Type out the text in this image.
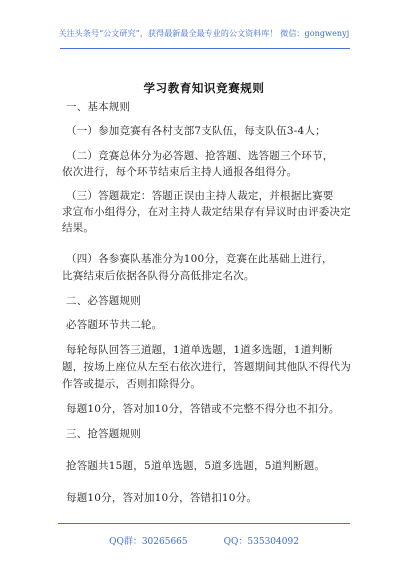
关注头条号“公文研究”，获得最新最全最专业的公文资料库！ 微信：gongwenyj
学习教育知识竞赛规则
一、基本规则
（一）参加竞赛有各村支部7支队伍，每支队伍3-4人；
（二）竞赛总体分为必答题、抢答题、选答题三个环节，
依次进行，每个环节结束后主持人通报各组得分。
（三）答题裁定：答题正误由主持人裁定，并根据比赛要
求宣布小组得分，在对主持人裁定结果存有异议时由评委决定
结果。
（四）各参赛队基准分为100分，竞赛在此基础上进行，
比赛结束后依据各队得分高低排定名次。
二、必答题规则
必答题环节共二轮。
每轮每队回答三道题，1道单选题，1道多选题，1道判断
题，按场上座位从左至右依次进行，答题期间其他队不得代为
作答或提示，否则扣除得分。
每题10分，答对加10分，答错或不完整不得分也不扣分。
三、抢答题规则
抢答题共15题，5道单选题，5道多选题，5道判断题。
每题10分，答对加10分，答错扣10分。
QQ群：30265665	QQ：535304092
